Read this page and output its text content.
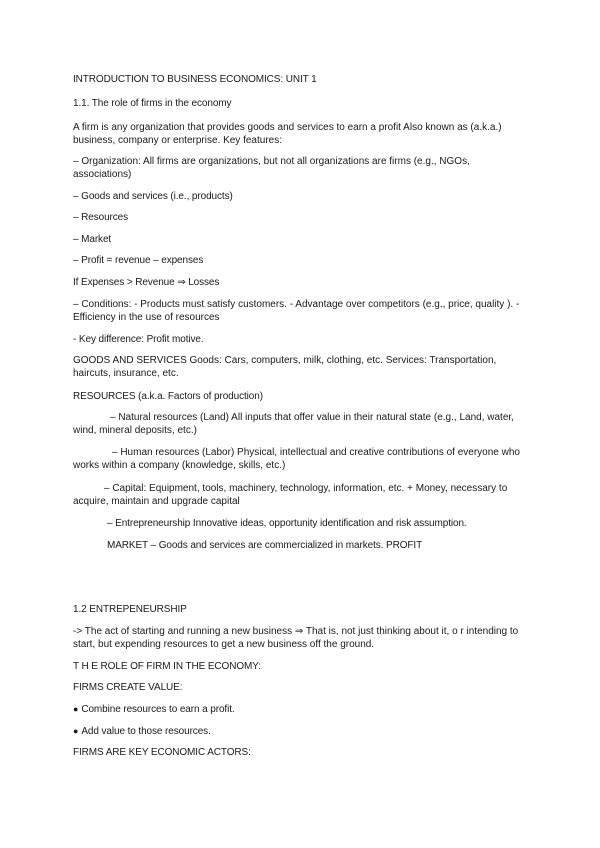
INTRODUCTION TO BUSINESS ECONOMICS: UNIT 1
1.1. The role of firms in the economy
A firm is any organization that provides goods and services to earn a profit Also known as (a.k.a.) business, company or enterprise. Key features:
– Organization: All firms are organizations, but not all organizations are firms (e.g., NGOs, associations)
– Goods and services (i.e., products)
– Resources
– Market
– Profit = revenue – expenses
If Expenses > Revenue ⇒ Losses
– Conditions: - Products must satisfy customers. - Advantage over competitors (e.g., price, quality ). - Efficiency in the use of resources
- Key difference: Profit motive.
GOODS AND SERVICES Goods: Cars, computers, milk, clothing, etc. Services: Transportation, haircuts, insurance, etc.
RESOURCES (a.k.a. Factors of production)
– Natural resources (Land) All inputs that offer value in their natural state (e.g., Land, water, wind, mineral deposits, etc.)
– Human resources (Labor) Physical, intellectual and creative contributions of everyone who works within a company (knowledge, skills, etc.)
– Capital: Equipment, tools, machinery, technology, information, etc. + Money, necessary to acquire, maintain and upgrade capital
– Entrepreneurship Innovative ideas, opportunity identification and risk assumption.
MARKET – Goods and services are commercialized in markets. PROFIT
1.2 ENTREPENEURSHIP
-> The act of starting and running a new business ⇒ That is, not just thinking about it, o r intending to start, but expending resources to get a new business off the ground.
T H E ROLE OF FIRM IN THE ECONOMY:
FIRMS CREATE VALUE:
● Combine resources to earn a profit.
● Add value to those resources.
FIRMS ARE KEY ECONOMIC ACTORS:
